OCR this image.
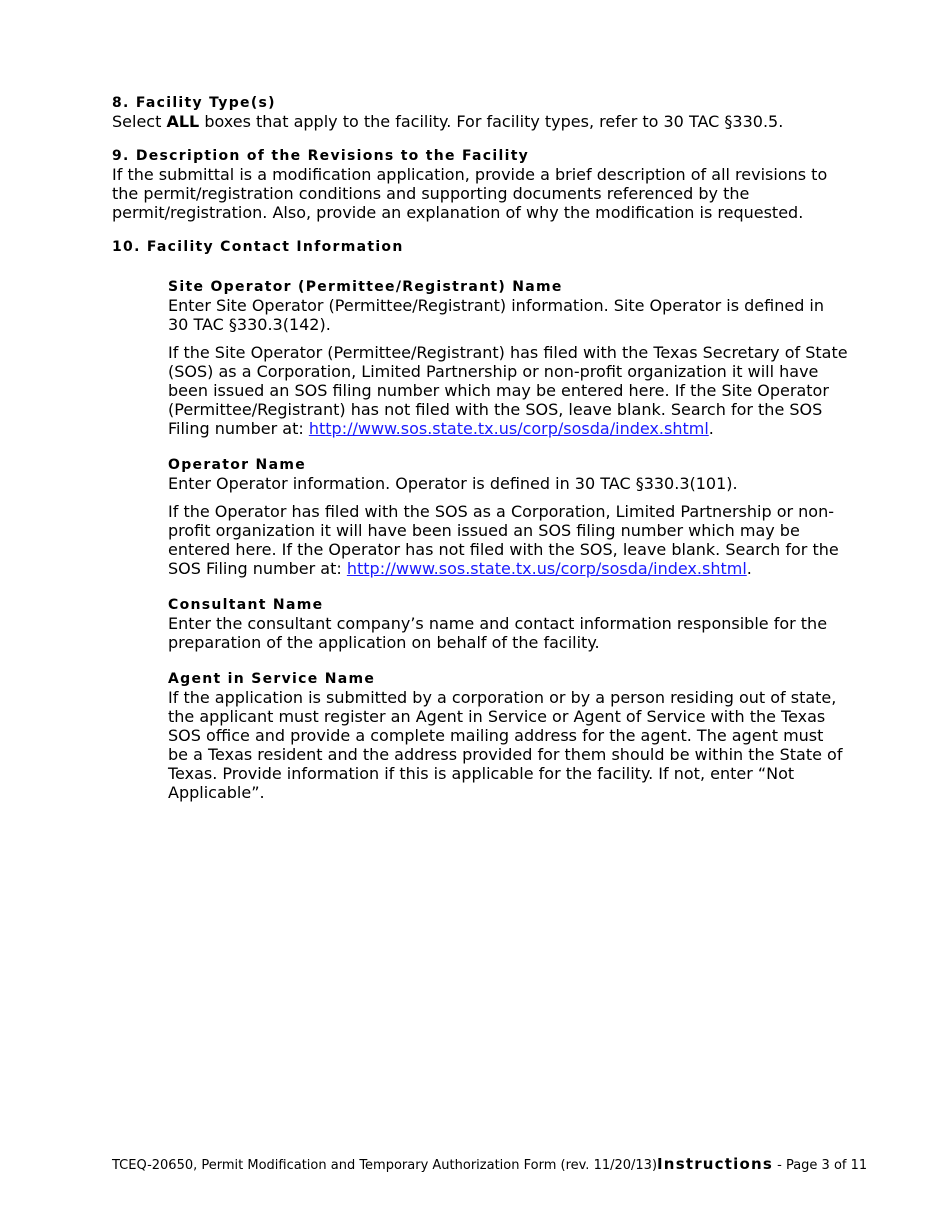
8. Facility Type(s)

Select ALL boxes that apply to the facility. For facility types, refer to 30 TAC §330.5.

9. Description of the Revisions to the Facility

If the submittal is a modification application, provide a brief description of all revisions to the permit/registration conditions and supporting documents referenced by the permit/registration. Also, provide an explanation of why the modification is requested.

10. Facility Contact Information

Site Operator (Permittee/Registrant) Name

Enter Site Operator (Permittee/Registrant) information. Site Operator is defined in 30 TAC §330.3(142).

If the Site Operator (Permittee/Registrant) has filed with the Texas Secretary of State (SOS) as a Corporation, Limited Partnership or non-profit organization it will have been issued an SOS filing number which may be entered here. If the Site Operator (Permittee/Registrant) has not filed with the SOS, leave blank. Search for the SOS Filing number at: http://www.sos.state.tx.us/corp/sosda/index.shtml.

Operator Name

Enter Operator information. Operator is defined in 30 TAC §330.3(101).

If the Operator has filed with the SOS as a Corporation, Limited Partnership or non-profit organization it will have been issued an SOS filing number which may be entered here. If the Operator has not filed with the SOS, leave blank. Search for the SOS Filing number at: http://www.sos.state.tx.us/corp/sosda/index.shtml.

Consultant Name

Enter the consultant company’s name and contact information responsible for the preparation of the application on behalf of the facility.

Agent in Service Name

If the application is submitted by a corporation or by a person residing out of state, the applicant must register an Agent in Service or Agent of Service with the Texas SOS office and provide a complete mailing address for the agent. The agent must be a Texas resident and the address provided for them should be within the State of Texas. Provide information if this is applicable for the facility. If not, enter “Not Applicable”.

TCEQ-20650, Permit Modification and Temporary Authorization Form (rev. 11/20/13)Instructions - Page 3 of 11
